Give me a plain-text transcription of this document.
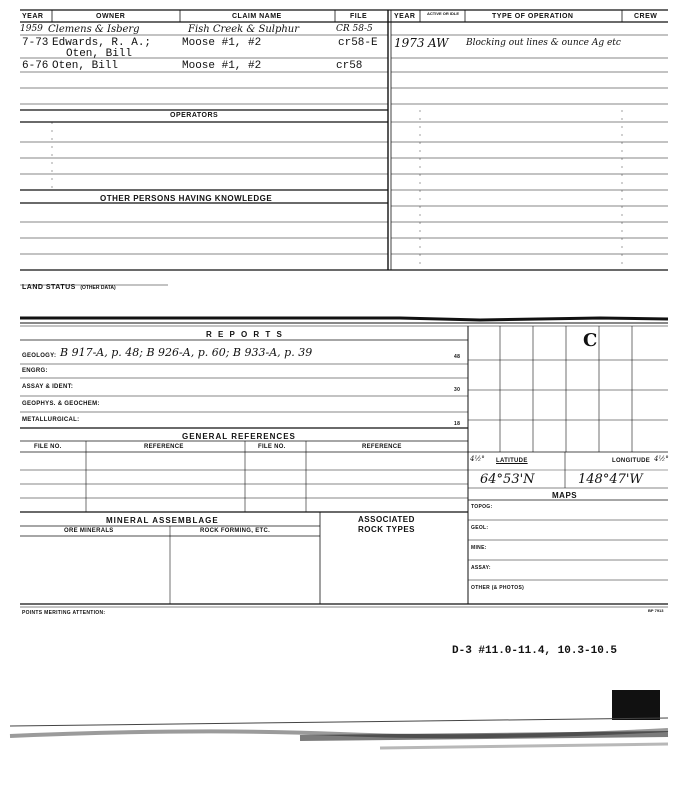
YEAR	OWNER	CLAIM NAME	FILE	YEAR	ACTIVE OR IDLE	TYPE OF OPERATION	CREW
1959 Clemens & Isberg	Fish Creek & Sulphur	CR 58-5
7-73 Edwards, R. A.;
Oten, Bill
Moose #1, #2	cr58-E
6-76 Oten, Bill	Moose #1, #2	cr58
1973 AW Blocking out lines & ounce Ag etc
OPERATORS
OTHER PERSONS HAVING KNOWLEDGE
LAND STATUS (OTHER DATA)
R E P O R T S
GEOLOGY: B 917-A, p. 48; B 926-A, p. 60; B 933-A, p. 39	48
ENGRG:
ASSAY & IDENT:	30
GEOPHYS. & GEOCHEM:
METALLURGICAL:
18
GENERAL REFERENCES
FILE NO.	REFERENCE	FILE NO.	REFERENCE
MINERAL ASSEMBLAGE
ORE MINERALS	ROCK FORMING, ETC.
ASSOCIATED
ROCK TYPES
C
4½° LATITUDE	LONGITUDE 4½°
64°53'N	148°47'W
MAPS
TOPOG:
GEOL:
MINE:
ASSAY:
OTHER (& PHOTOS)
POINTS MERITING ATTENTION:	BP 7913
D-3 #11.0-11.4, 10.3-10.5
